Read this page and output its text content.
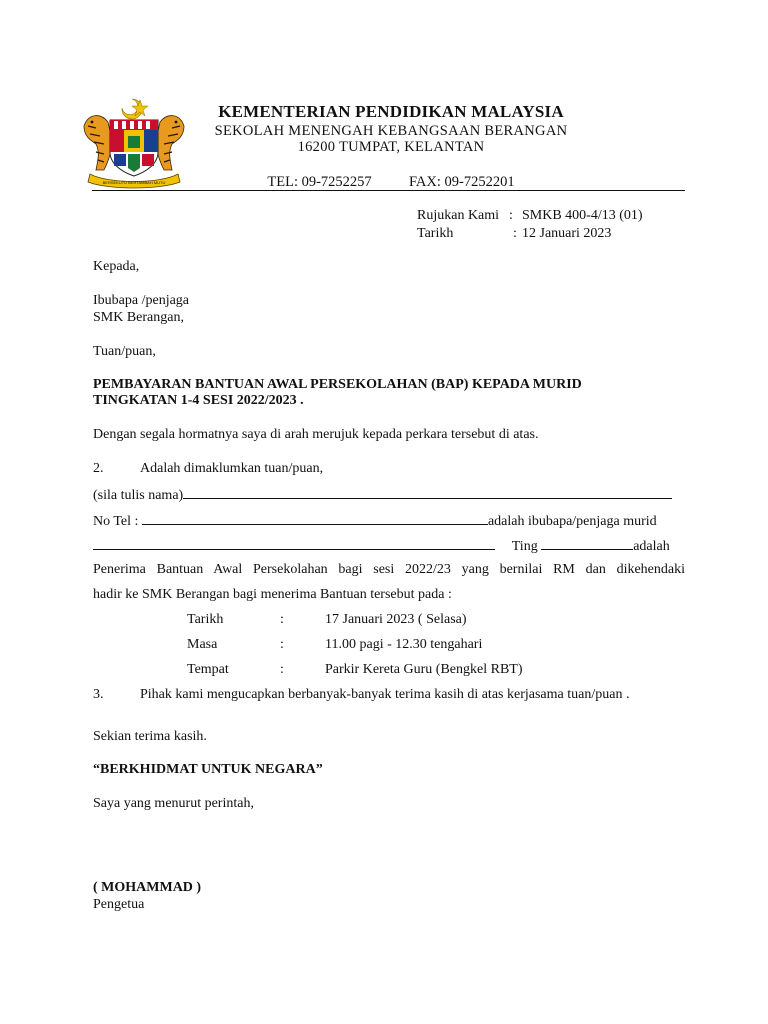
BERSEKUTU BERTAMBAH MUTU
KEMENTERIAN PENDIDIKAN MALAYSIA
SEKOLAH MENENGAH KEBANGSAAN BERANGAN
16200 TUMPAT, KELANTAN
TEL: 09-7252257	FAX: 09-7252201
Rujukan Kami : SMKB 400-4/13 (01)
Tarikh	: 12 Januari 2023
Kepada,
Ibubapa /penjaga
SMK Berangan,
Tuan/puan,
PEMBAYARAN BANTUAN AWAL PERSEKOLAHAN (BAP) KEPADA MURID
TINGKATAN 1-4 SESI 2022/2023 .
Dengan segala hormatnya saya di arah merujuk kepada perkara tersebut di atas.
2.	Adalah dimaklumkan tuan/puan,
(sila tulis nama)
No Tel :	adalah ibubapa/penjaga murid
Ting	adalah
Penerima Bantuan Awal Persekolahan bagi sesi 2022/23 yang bernilai RM dan dikehendaki
hadir ke SMK Berangan bagi menerima Bantuan tersebut pada :
Tarikh	:	17 Januari 2023 ( Selasa)
Masa	:	11.00 pagi - 12.30 tengahari
Tempat	:	Parkir Kereta Guru (Bengkel RBT)
3.	Pihak kami mengucapkan berbanyak-banyak terima kasih di atas kerjasama tuan/puan .
Sekian terima kasih.
“BERKHIDMAT UNTUK NEGARA”
Saya yang menurut perintah,
( MOHAMMAD )
Pengetua
